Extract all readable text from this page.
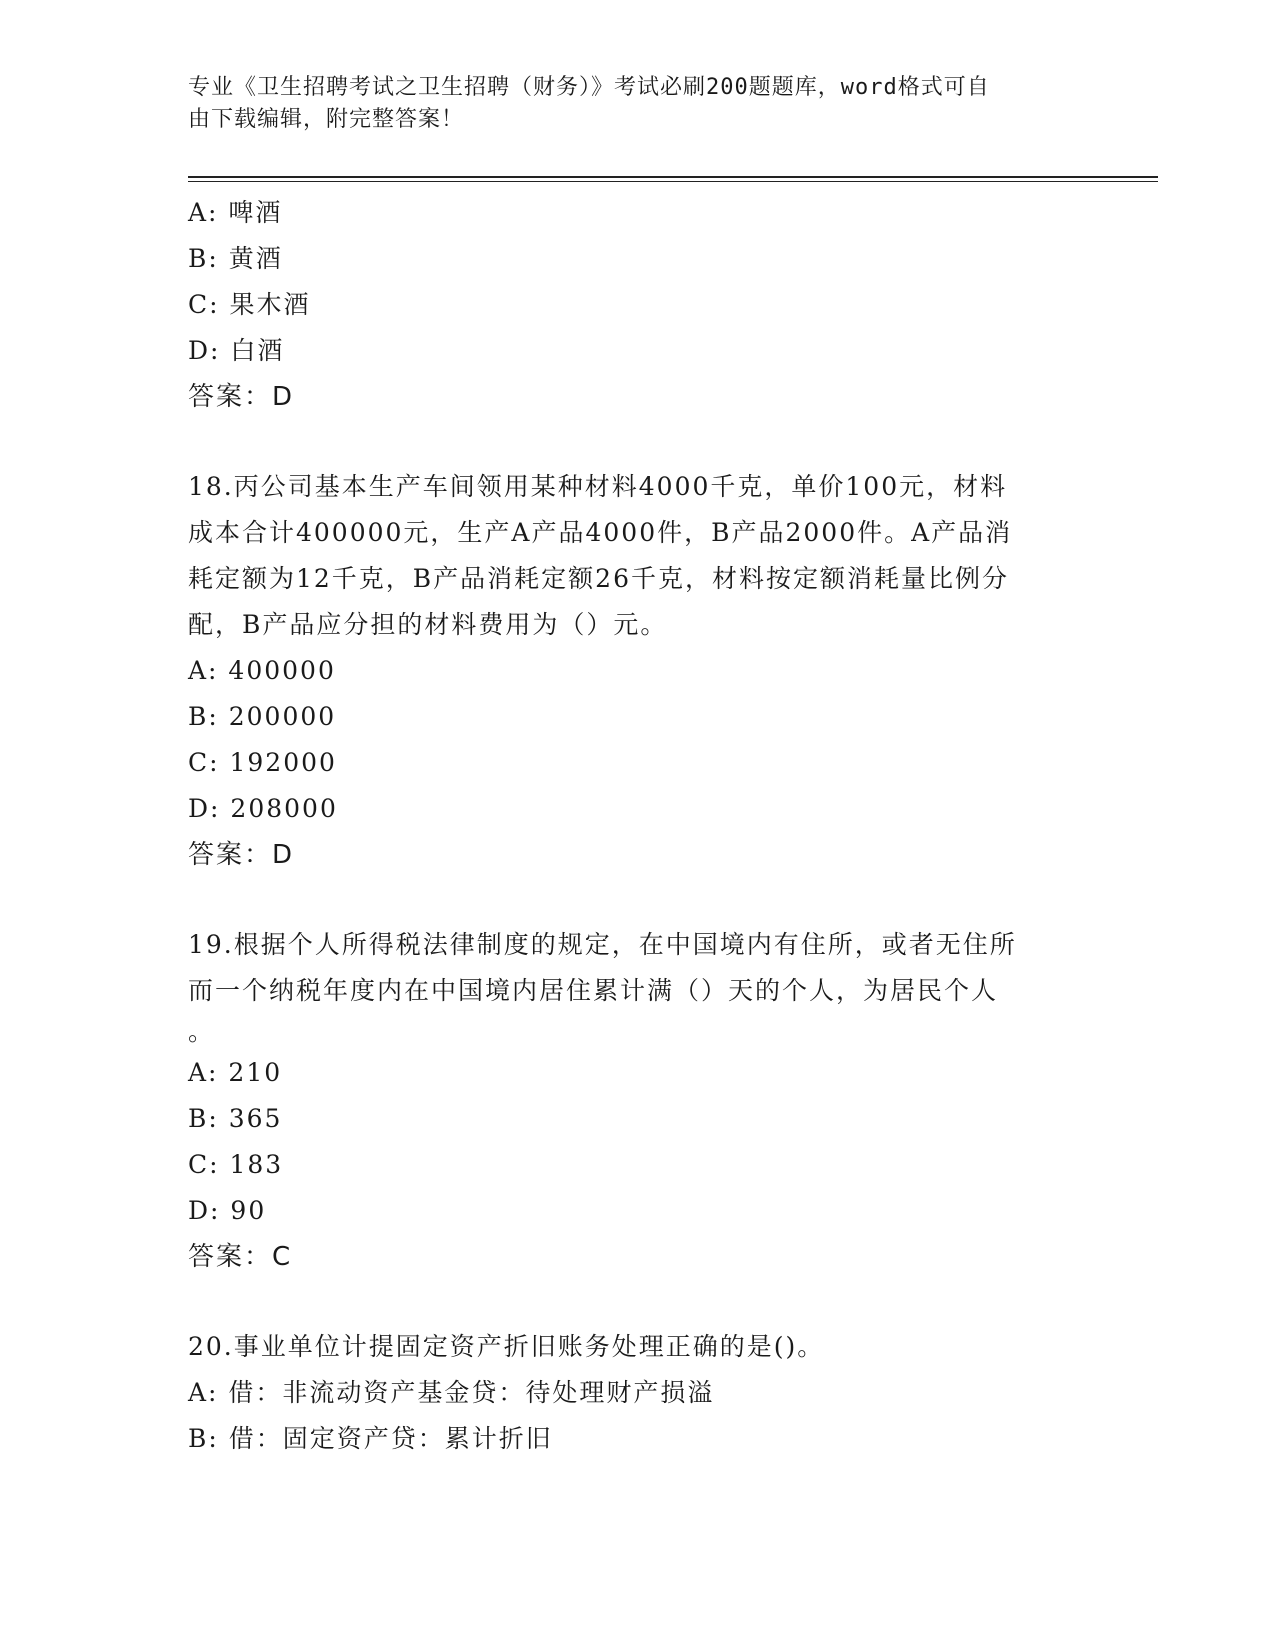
专业《卫生招聘考试之卫生招聘（财务）》考试必刷200题题库，word格式可自
由下载编辑，附完整答案！
A: 啤酒
B: 黄酒
C: 果木酒
D: 白酒
答案：D
18.丙公司基本生产车间领用某种材料4000千克，单价100元，材料
成本合计400000元，生产A产品4000件，B产品2000件。A产品消
耗定额为12千克，B产品消耗定额26千克，材料按定额消耗量比例分
配，B产品应分担的材料费用为（）元。
A: 400000
B: 200000
C: 192000
D: 208000
答案：D
19.根据个人所得税法律制度的规定，在中国境内有住所，或者无住所
而一个纳税年度内在中国境内居住累计满（）天的个人，为居民个人
。
A: 210
B: 365
C: 183
D: 90
答案：C
20.事业单位计提固定资产折旧账务处理正确的是()。
A: 借：非流动资产基金贷：待处理财产损溢
B: 借：固定资产贷：累计折旧
